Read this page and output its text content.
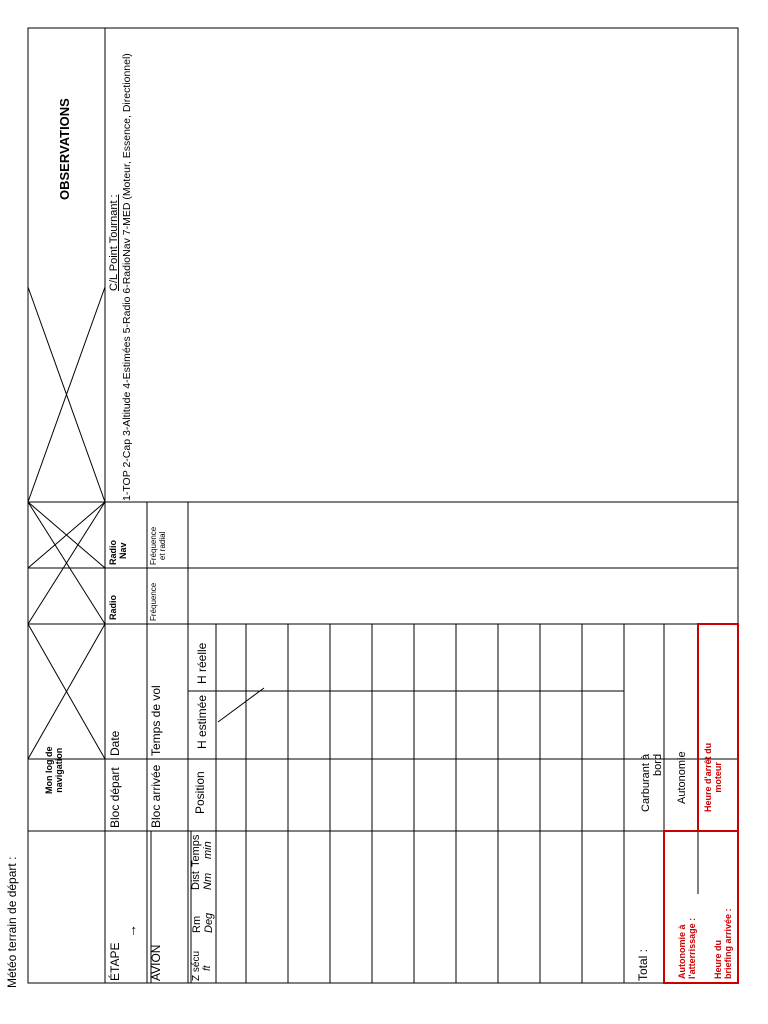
Météo terrain de départ :
Mon log de navigation
OBSERVATIONS
ÉTAPE
→
Bloc départ
Date
Radio
Radio Nav
C/L Point Tournant : 1-TOP 2-Cap 3-Altitude 4-Estimées 5-Radio 6-RadioNav 7-MED (Moteur, Essence, Directionnel)
AVION
Bloc arrivée
Temps de vol
Fréquence
Fréquence et radial
Z sécu ft
Rm Deg
Dist Nm
Temps min
Position
H estimée
H réelle
Total :
Carburant à bord Autonomie
Autonomie à l'atterrissage : Heure du briefing arrivée :
Heure d'arrêt du moteur
